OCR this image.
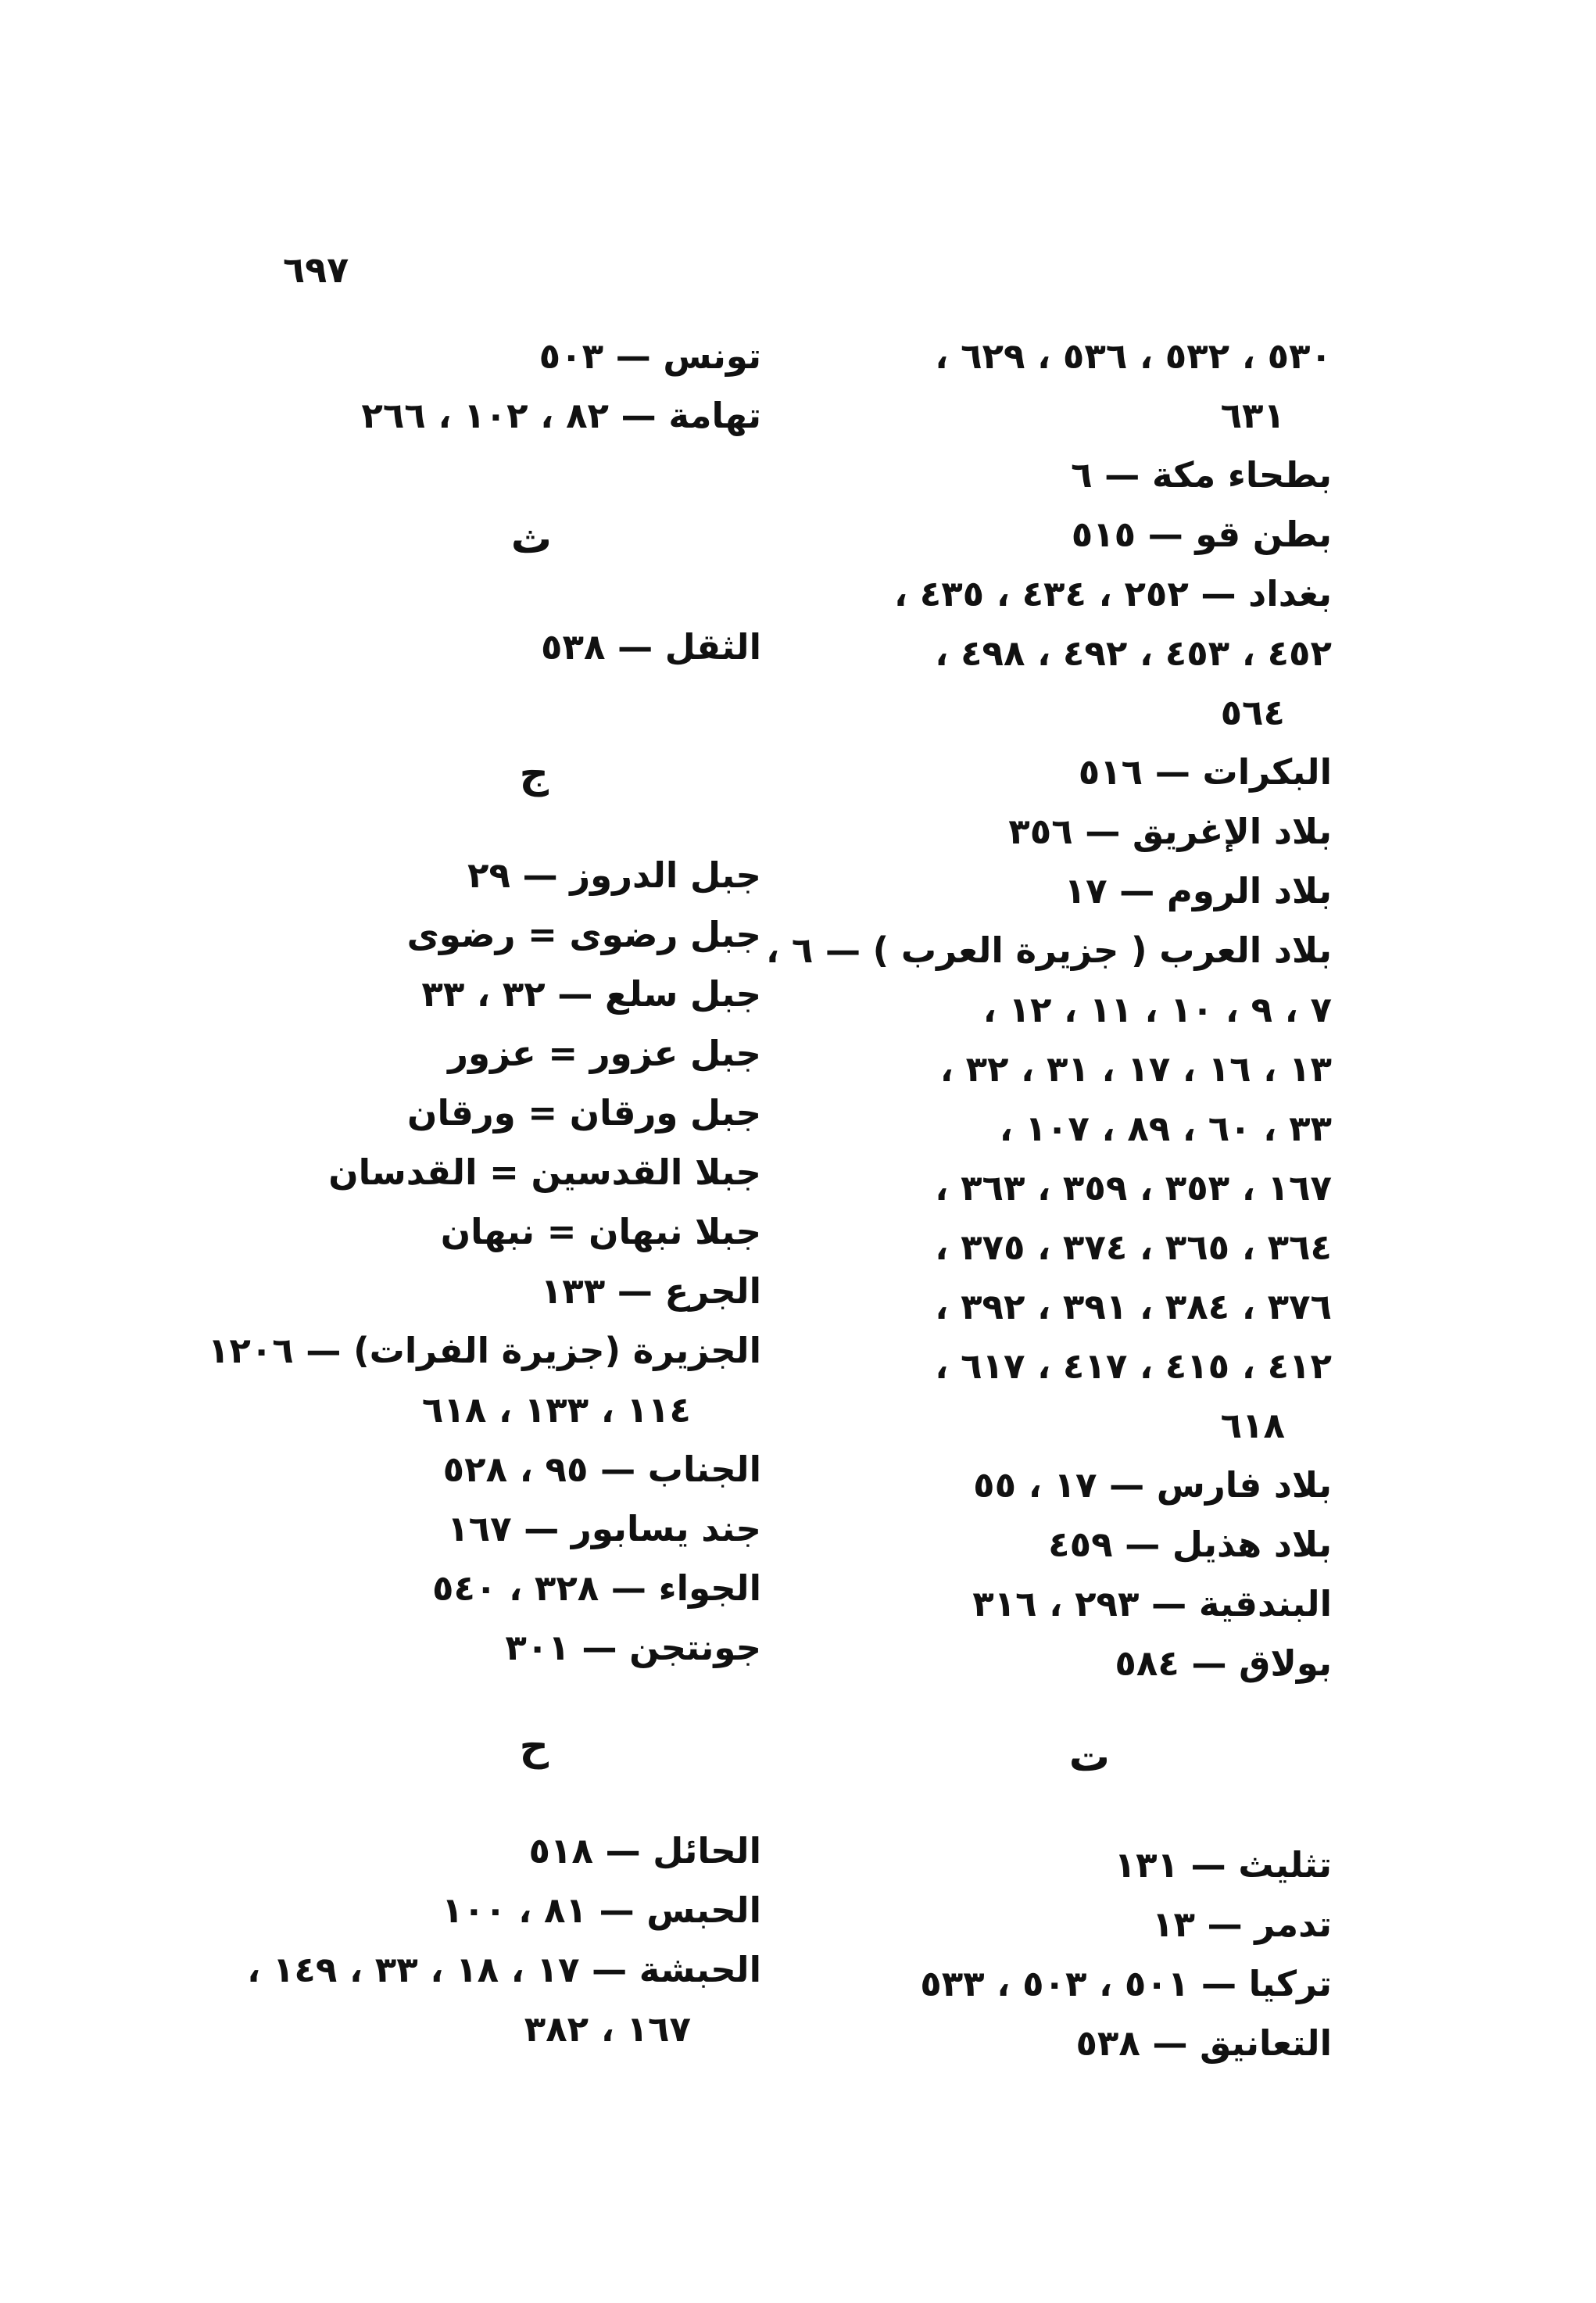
٦٩٧
٥٣٠ ، ٥٣٢ ، ٥٣٦ ، ٦٢٩ ،
٦٣١
بطحاء مكة — ٦
بطن قو — ٥١٥
بغداد — ٢٥٢ ، ٤٣٤ ، ٤٣٥ ،
٤٥٢ ، ٤٥٣ ، ٤٩٢ ، ٤٩٨ ،
٥٦٤
البكرات — ٥١٦
بلاد الإغريق — ٣٥٦
بلاد الروم — ١٧
بلاد العرب ( جزيرة العرب ) — ٦ ،
٧ ، ٩ ، ١٠ ، ١١ ، ١٢ ،
١٣ ، ١٦ ، ١٧ ، ٣١ ، ٣٢ ،
٣٣ ، ٦٠ ، ٨٩ ، ١٠٧ ،
١٦٧ ، ٣٥٣ ، ٣٥٩ ، ٣٦٣ ،
٣٦٤ ، ٣٦٥ ، ٣٧٤ ، ٣٧٥ ،
٣٧٦ ، ٣٨٤ ، ٣٩١ ، ٣٩٢ ،
٤١٢ ، ٤١٥ ، ٤١٧ ، ٦١٧ ،
٦١٨
بلاد فارس — ١٧ ، ٥٥
بلاد هذيل — ٤٥٩
البندقية — ٢٩٣ ، ٣١٦
بولاق — ٥٨٤
ت
تثليث — ١٣١
تدمر — ١٣
تركيا — ٥٠١ ، ٥٠٣ ، ٥٣٣
التعانيق — ٥٣٨
تونس — ٥٠٣
تهامة — ٨٢ ، ١٠٢ ، ٢٦٦
ث
الثقل — ٥٣٨
ج
جبل الدروز — ٢٩
جبل رضوى = رضوى
جبل سلع — ٣٢ ، ٣٣
جبل عزور = عزور
جبل ورقان = ورقان
جبلا القدسين = القدسان
جبلا نبهان = نبهان
الجرع — ١٣٣
الجزيرة (جزيرة الفرات) — ١٢٠٦
١١٤ ، ١٣٣ ، ٦١٨
الجناب — ٩٥ ، ٥٢٨
جند يسابور — ١٦٧
الجواء — ٣٢٨ ، ٥٤٠
جونتجن — ٣٠١
ح
الحائل — ٥١٨
الحبس — ٨١ ، ١٠٠
الحبشة — ١٧ ، ١٨ ، ٣٣ ، ١٤٩ ،
١٦٧ ، ٣٨٢
